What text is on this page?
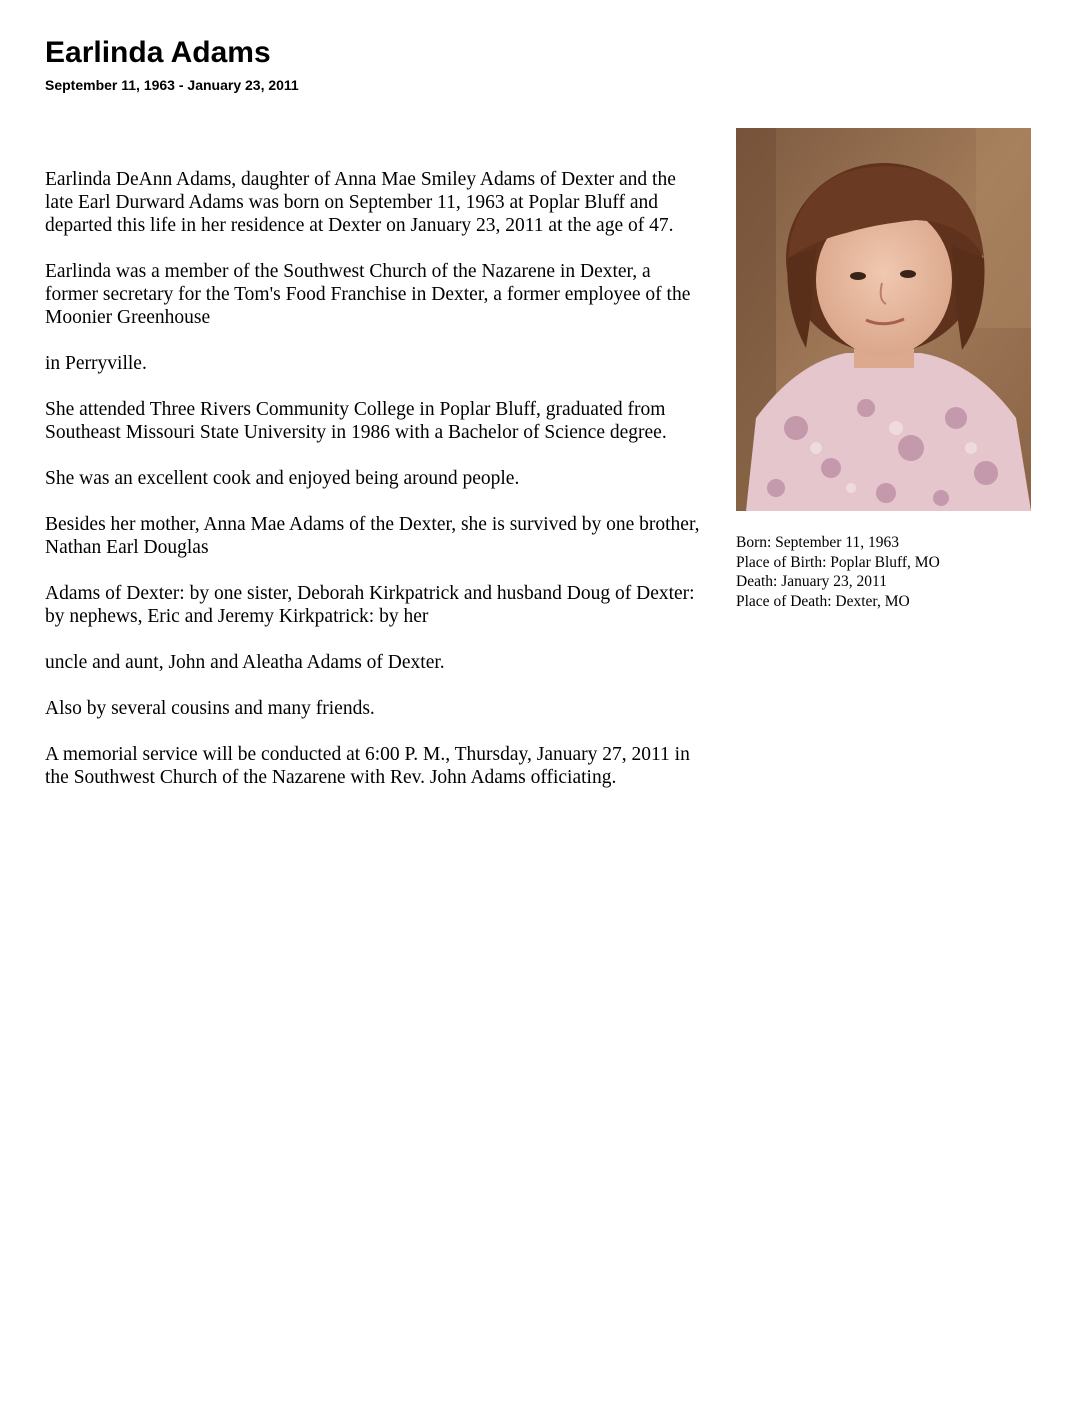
Earlinda Adams

September 11, 1963 - January 23, 2011

Earlinda DeAnn Adams, daughter of Anna Mae Smiley Adams of Dexter and the late Earl Durward Adams was born on September 11, 1963 at Poplar Bluff and departed this life in her residence at Dexter on January 23, 2011 at the age of 47.

Earlinda was a member of the Southwest Church of the Nazarene in Dexter, a former secretary for the Tom's Food Franchise in Dexter, a former employee of the Moonier Greenhouse

in Perryville.

She attended Three Rivers Community College in Poplar Bluff, graduated from Southeast Missouri State University in 1986 with a Bachelor of Science degree.

She was an excellent cook and enjoyed being around people.

Besides her mother, Anna Mae Adams of the Dexter, she is survived by one brother, Nathan Earl Douglas

Adams of Dexter: by one sister, Deborah Kirkpatrick and husband Doug of Dexter: by nephews, Eric and Jeremy Kirkpatrick: by her

uncle and aunt, John and Aleatha Adams of Dexter.

Also by several cousins and many friends.

A memorial service will be conducted at 6:00 P. M., Thursday, January 27, 2011 in the Southwest Church of the Nazarene with Rev. John Adams officiating.

Born: September 11, 1963
Place of Birth: Poplar Bluff, MO
Death: January 23, 2011
Place of Death: Dexter, MO
